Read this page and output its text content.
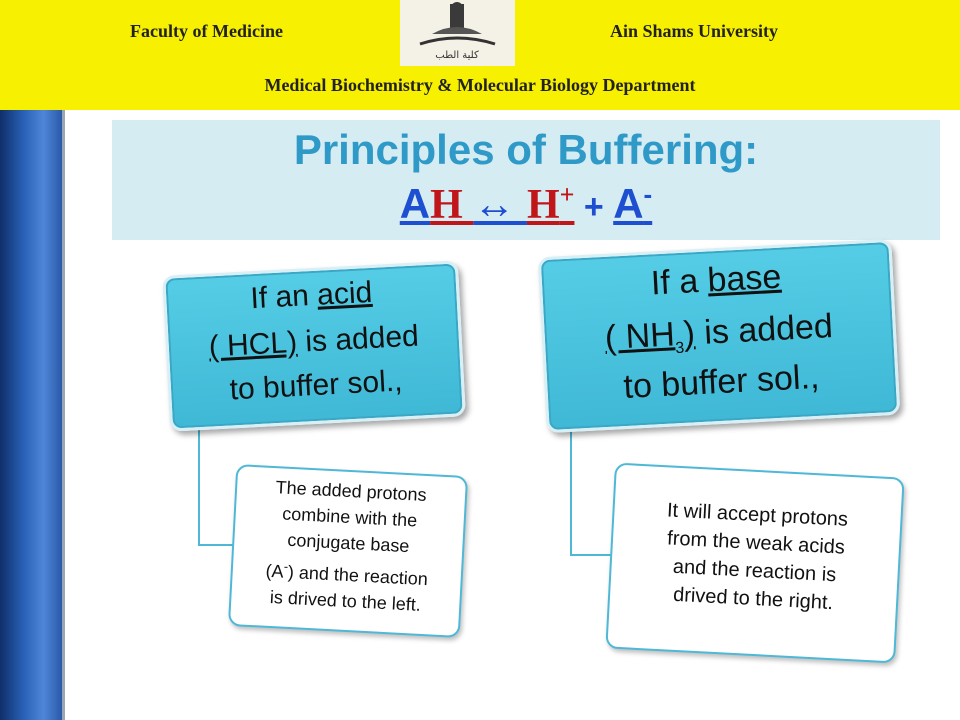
Faculty of Medicine	Ain Shams University
كلية الطب
Medical Biochemistry & Molecular Biology Department
Principles of Buffering:
AH ↔ H+ + A-
If an acid
( HCL) is added
to buffer sol.,
If a base
( $NH_3$) is added
to buffer sol.,
The added protons
combine with the
conjugate base
(A-) and the reaction
is drived to the left.
It will accept protons
from the weak acids
and the reaction is
drived to the right.
